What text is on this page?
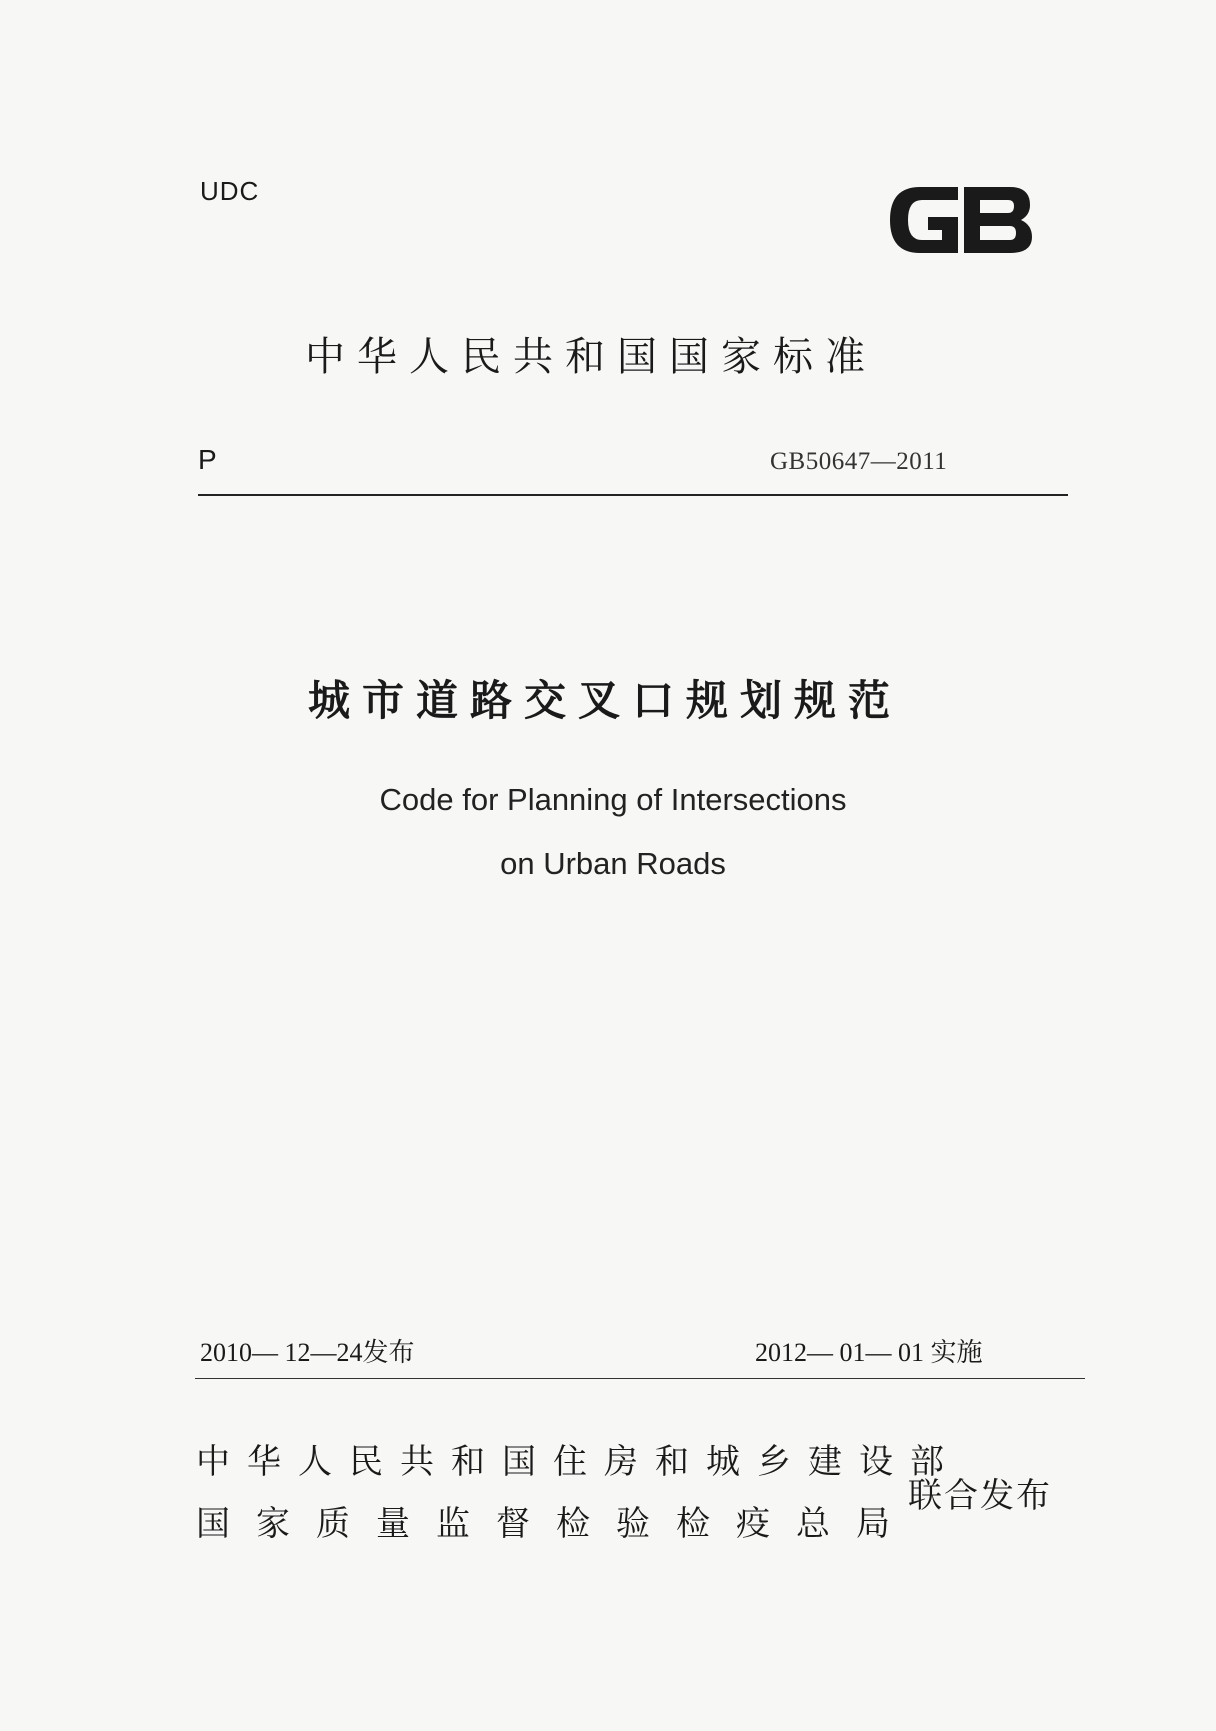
UDC
中华人民共和国国家标准
P	GB50647—2011
城市道路交叉口规划规范
Code for Planning of Intersections
on Urban Roads
2010— 12—24发布	2012— 01— 01 实施
中华人民共和国住房和城乡建设部
国家质量监督检验检疫总局
联合发布
